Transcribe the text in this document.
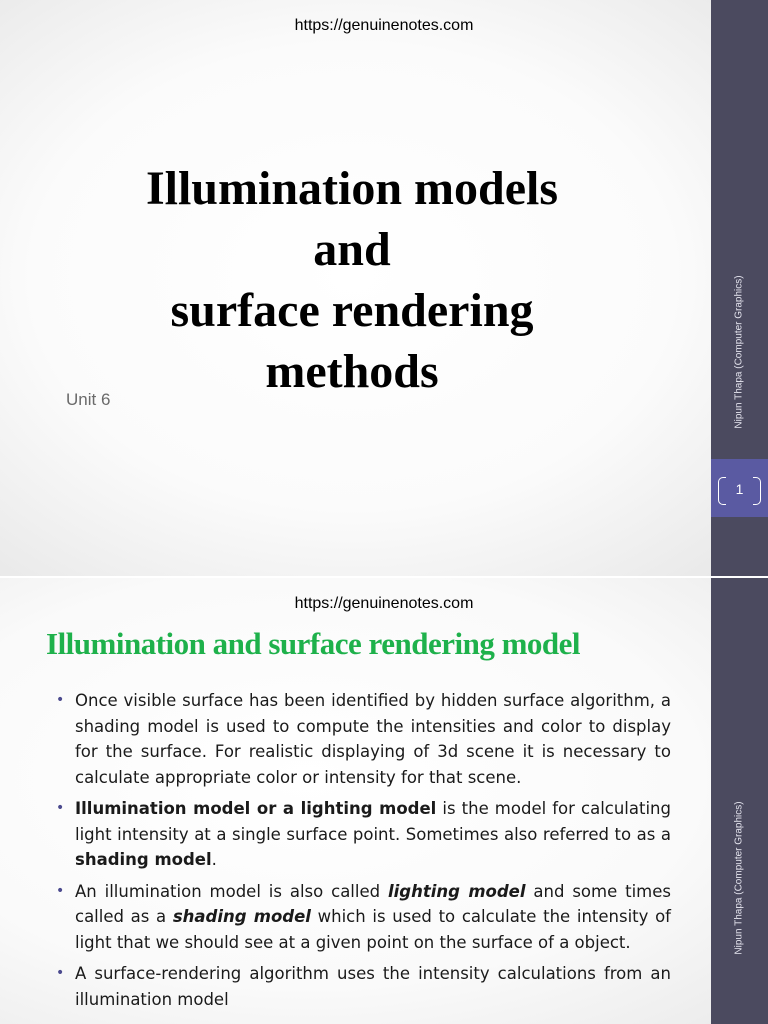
https://genuinenotes.com
Illumination models
and
surface rendering
methods
Unit 6	Nipun Thapa (Computer Graphics)
1
https://genuinenotes.com
Illumination and surface rendering model
• Once visible surface has been identified by hidden surface algorithm, a shading model is used to compute the intensities and color to display for the surface. For realistic displaying of 3d scene it is necessary to calculate appropriate color or intensity for that scene.
• Illumination model or a lighting model is the model for calculating light intensity at a single surface point. Sometimes also referred to as a shading model.
• An illumination model is also called lighting model and some times called as a shading model which is used to calculate the intensity of light that we should see at a given point on the surface of a object.
• A surface-rendering algorithm uses the intensity calculations from an illumination model
Nipun Thapa (Computer Graphics)
